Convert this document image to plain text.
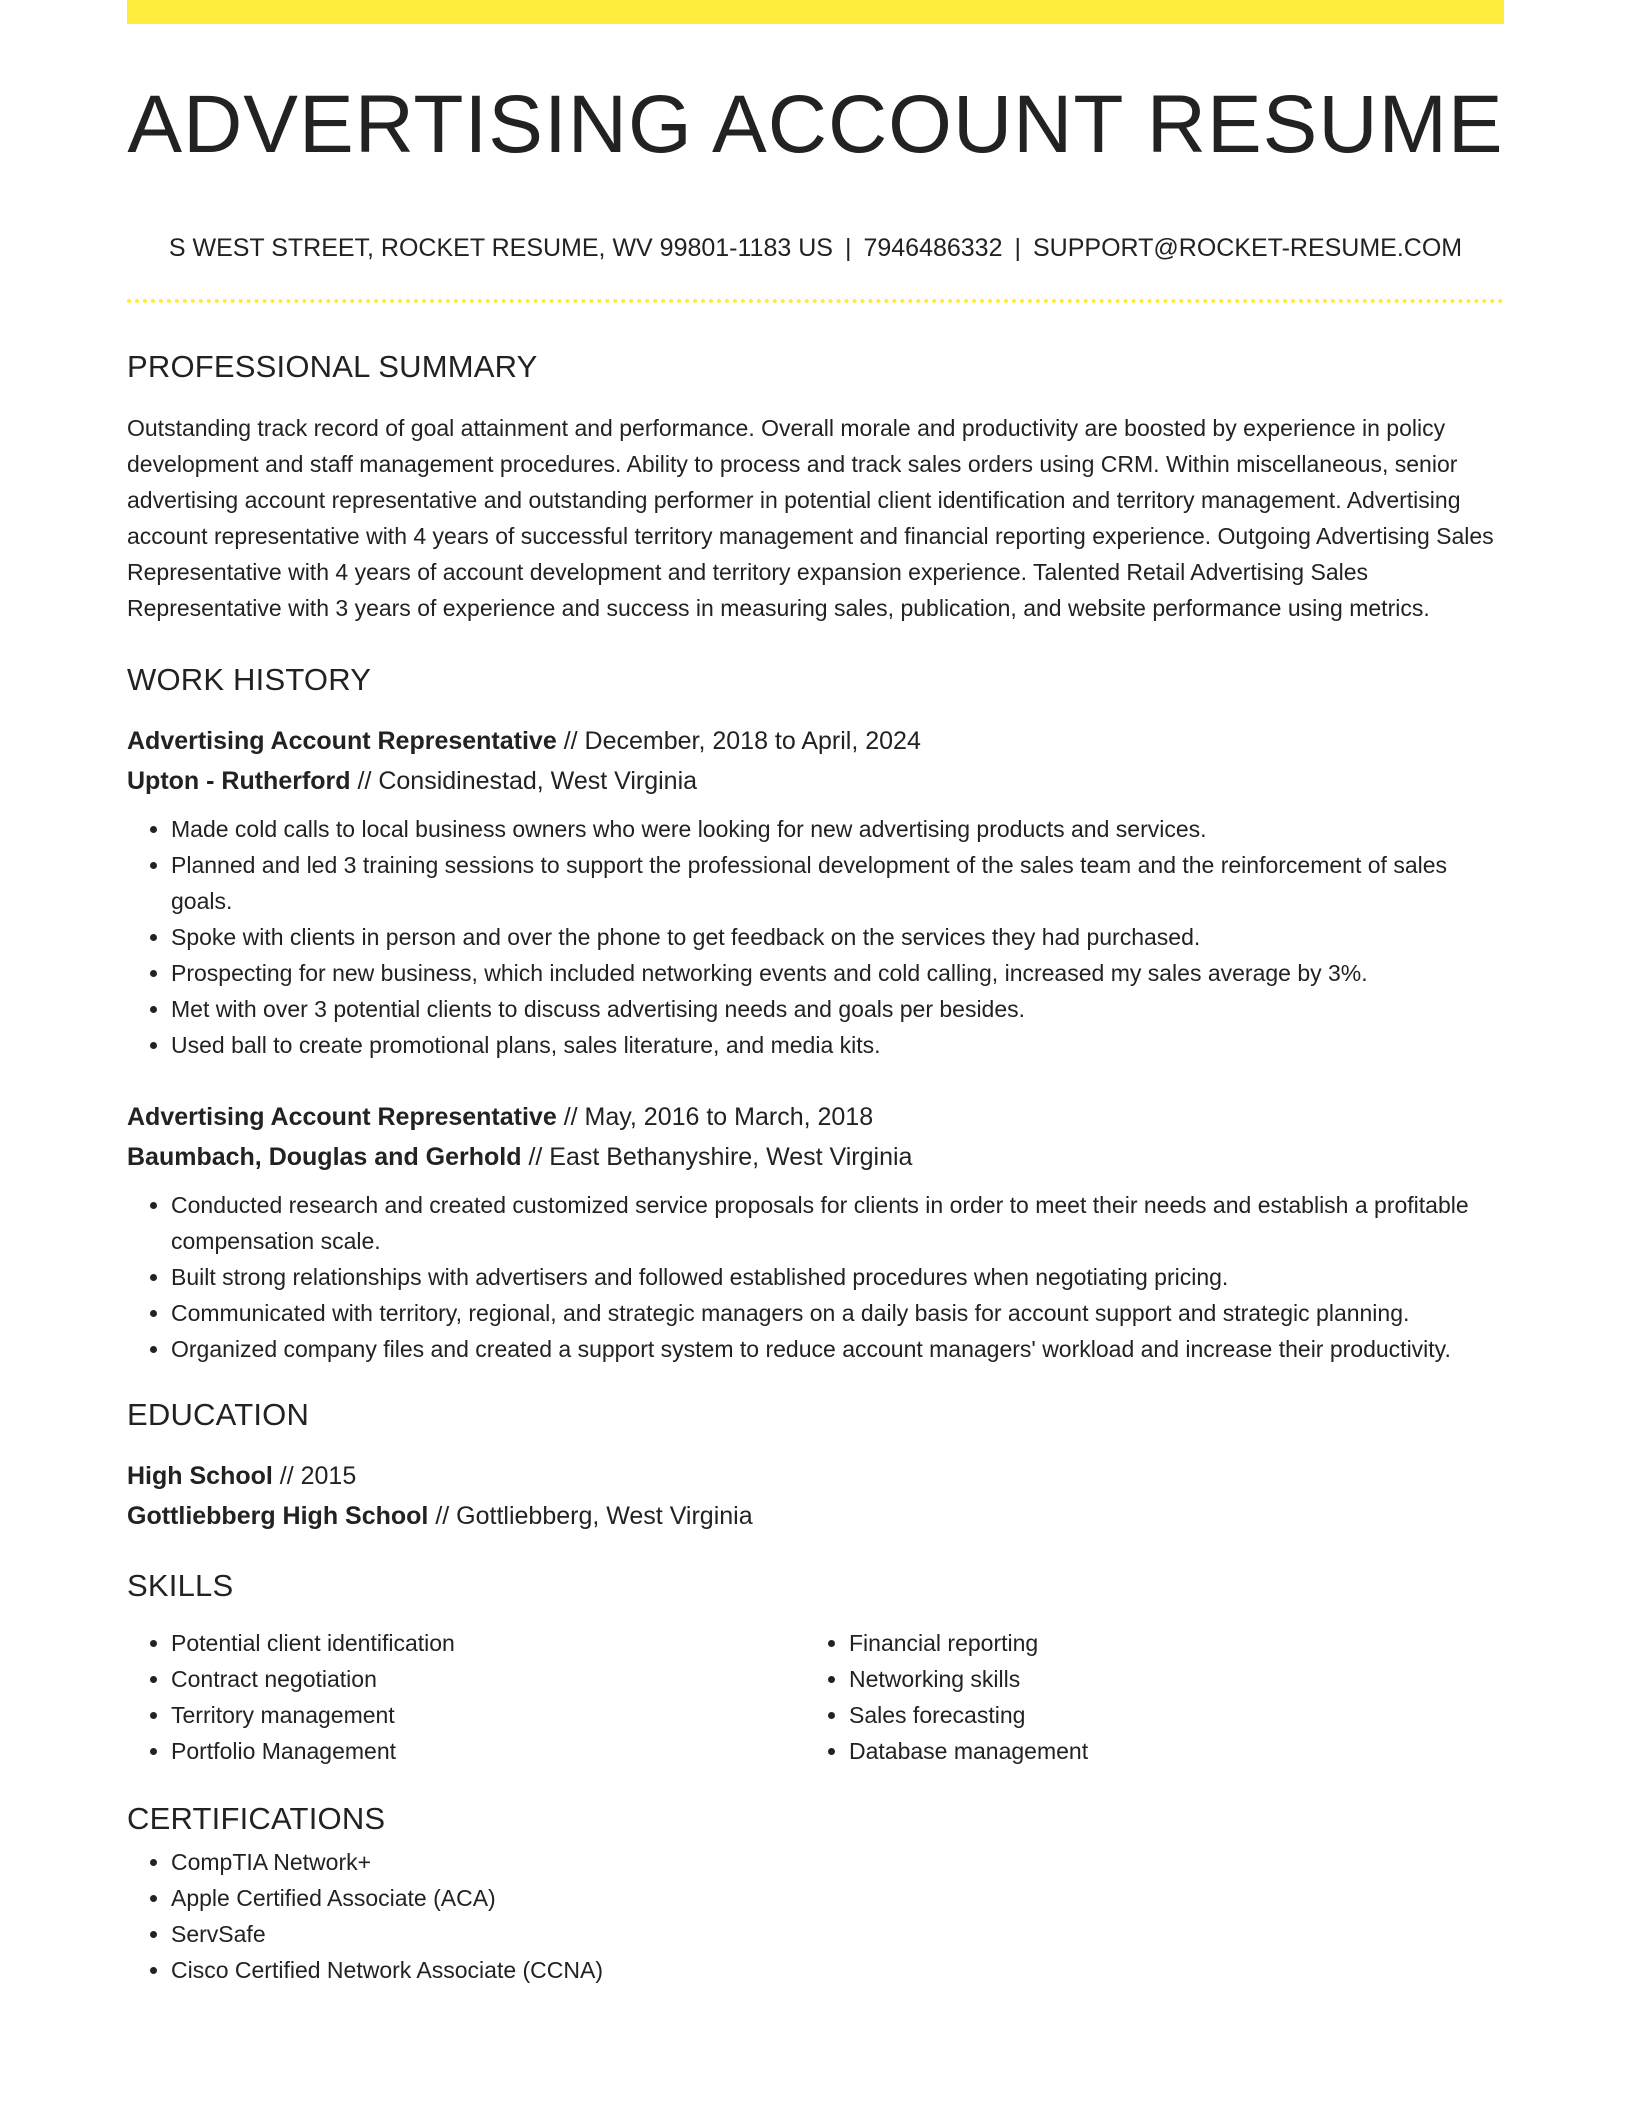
ADVERTISING ACCOUNT RESUME
S WEST STREET, ROCKET RESUME, WV 99801-1183 US | 7946486332 | SUPPORT@ROCKET-RESUME.COM
PROFESSIONAL SUMMARY

Outstanding track record of goal attainment and performance. Overall morale and productivity are boosted by experience in policy development and staff management procedures. Ability to process and track sales orders using CRM. Within miscellaneous, senior advertising account representative and outstanding performer in potential client identification and territory management. Advertising account representative with 4 years of successful territory management and financial reporting experience. Outgoing Advertising Sales Representative with 4 years of account development and territory expansion experience. Talented Retail Advertising Sales Representative with 3 years of experience and success in measuring sales, publication, and website performance using metrics.

WORK HISTORY
Advertising Account Representative // December, 2018 to April, 2024
Upton - Rutherford // Considinestad, West Virginia
• Made cold calls to local business owners who were looking for new advertising products and services.
• Planned and led 3 training sessions to support the professional development of the sales team and the reinforcement of sales goals.
• Spoke with clients in person and over the phone to get feedback on the services they had purchased.
• Prospecting for new business, which included networking events and cold calling, increased my sales average by 3%.
• Met with over 3 potential clients to discuss advertising needs and goals per besides.
• Used ball to create promotional plans, sales literature, and media kits.
Advertising Account Representative // May, 2016 to March, 2018
Baumbach, Douglas and Gerhold // East Bethanyshire, West Virginia
• Conducted research and created customized service proposals for clients in order to meet their needs and establish a profitable compensation scale.
• Built strong relationships with advertisers and followed established procedures when negotiating pricing.
• Communicated with territory, regional, and strategic managers on a daily basis for account support and strategic planning.
• Organized company files and created a support system to reduce account managers' workload and increase their productivity.
EDUCATION
High School // 2015
Gottliebberg High School // Gottliebberg, West Virginia
SKILLS
• Potential client identification
• Contract negotiation
• Territory management
• Portfolio Management
• Financial reporting
• Networking skills
• Sales forecasting
• Database management
CERTIFICATIONS
• CompTIA Network+
• Apple Certified Associate (ACA)
• ServSafe
• Cisco Certified Network Associate (CCNA)
